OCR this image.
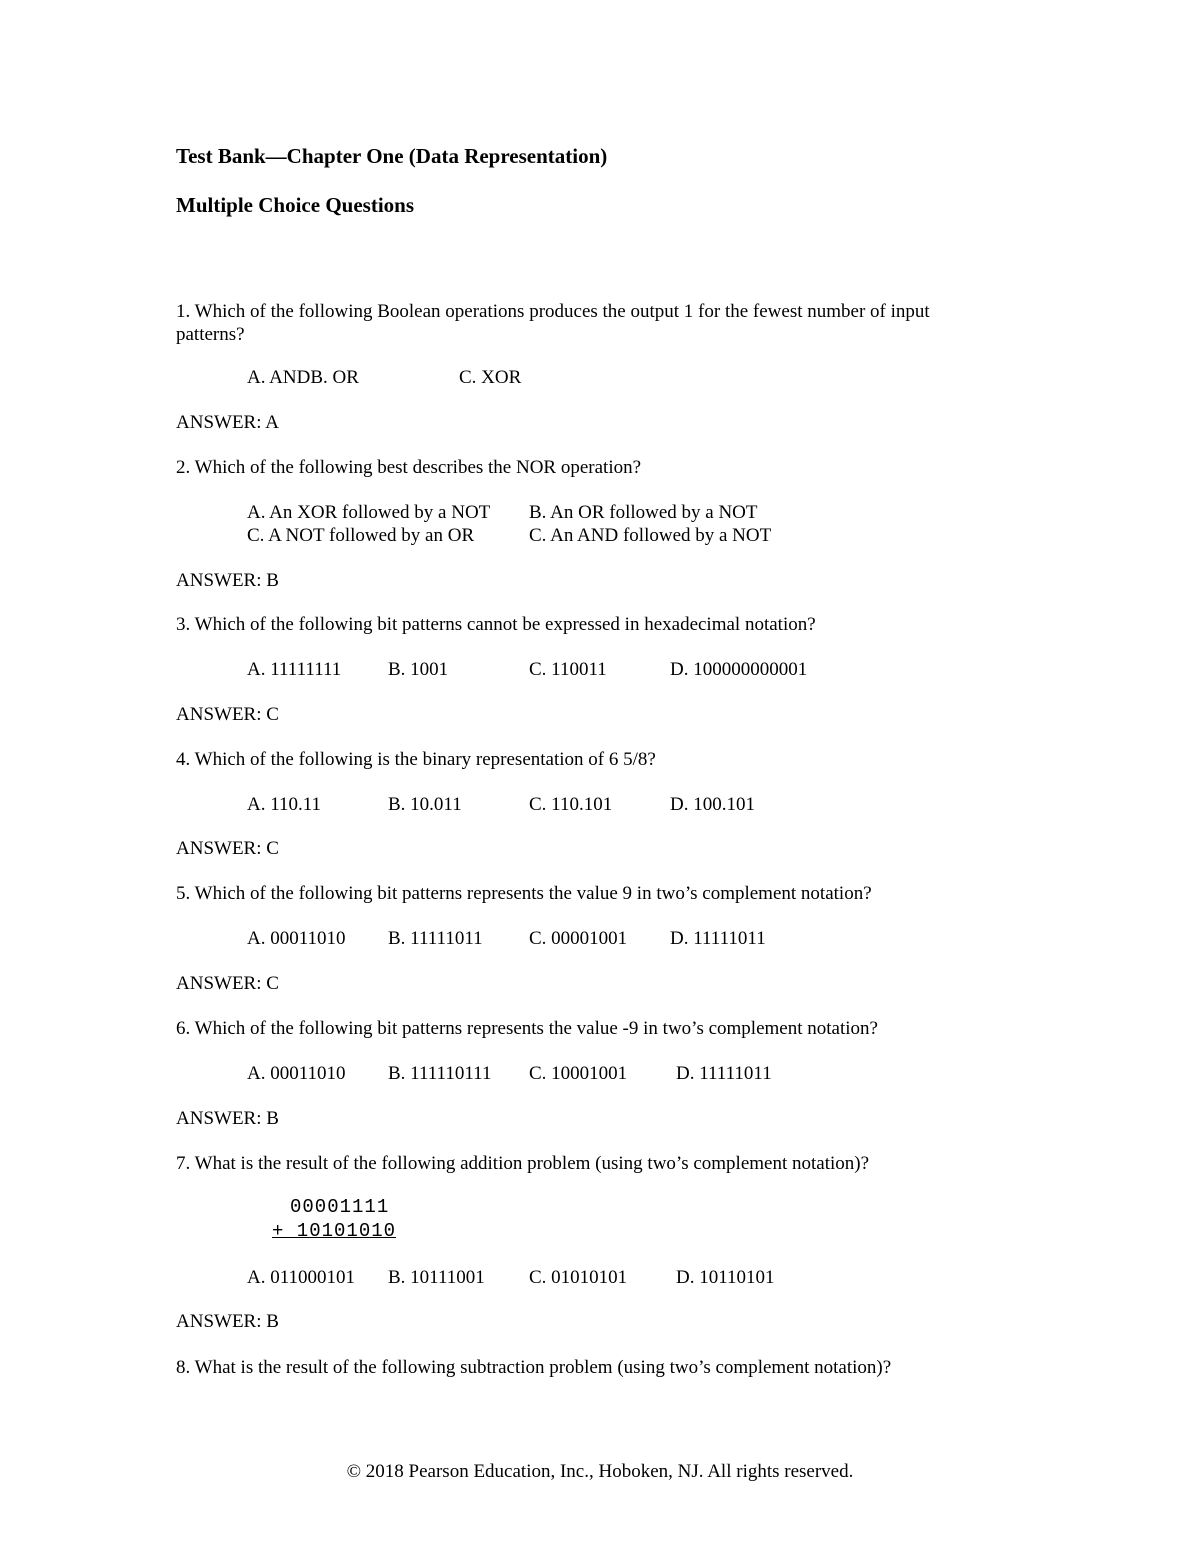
Test Bank—Chapter One (Data Representation)
Multiple Choice Questions
1. Which of the following Boolean operations produces the output 1 for the fewest number of input
patterns?
A. ANDB. OR	C. XOR
ANSWER: A
2. Which of the following best describes the NOR operation?
A. An XOR followed by a NOT B. An OR followed by a NOT
C. A NOT followed by an OR	C. An AND followed by a NOT
ANSWER: B
3. Which of the following bit patterns cannot be expressed in hexadecimal notation?
A. 11111111 B. 1001	C. 110011	D. 100000000001
ANSWER: C
4. Which of the following is the binary representation of 6 5/8?
A. 110.11	B. 10.011	C. 110.101	D. 100.101
ANSWER: C
5. Which of the following bit patterns represents the value 9 in two’s complement notation?
A. 00011010 B. 11111011 C. 00001001 D. 11111011
ANSWER: C
6. Which of the following bit patterns represents the value -9 in two’s complement notation?
A. 00011010 B. 111110111 C. 10001001	D. 11111011
ANSWER: B
7. What is the result of the following addition problem (using two’s complement notation)?
00001111
+ 10101010
A. 011000101 B. 10111001 C. 01010101	D. 10110101
ANSWER: B
8. What is the result of the following subtraction problem (using two’s complement notation)?
© 2018 Pearson Education, Inc., Hoboken, NJ. All rights reserved.
